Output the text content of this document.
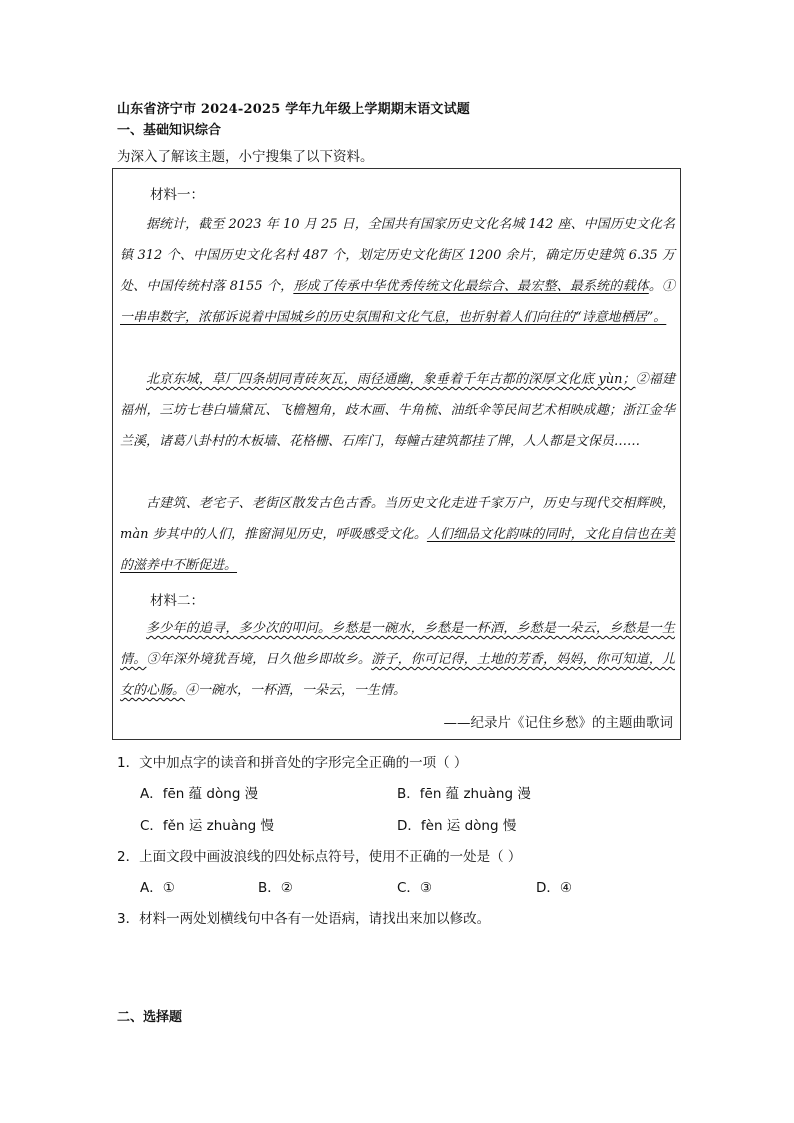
山东省济宁市 2024-2025 学年九年级上学期期末语文试题
一、基础知识综合
为深入了解该主题，小宁搜集了以下资料。
材料一：
据统计，截至 2023 年 10 月 25 日，全国共有国家历史文化名城 142 座、中国历史文化名镇 312 个、中国历史文化名村 487 个，划定历史文化街区 1200 余片，确定历史建筑 6.35 万处、中国传统村落 8155 个，形成了传承中华优秀传统文化最综合、最宏整、最系统的载体。①一串串数字，浓郁诉说着中国城乡的历史氛围和文化气息，也折射着人们向往的“诗意地栖居”。
北京东城，草厂四条胡同青砖灰瓦，雨径通幽，象垂着千年古都的深厚文化底 yùn；②福建福州，三坊七巷白墙黛瓦、飞檐翘角，歧木画、牛角梳、油纸伞等民间艺术相映成趣；浙江金华兰溪，诸葛八卦村的木板墙、花格栅、石库门，每幢古建筑都挂了牌，人人都是文保员……
古建筑、老宅子、老街区散发古色古香。当历史文化走进千家万户，历史与现代交相辉映，màn 步其中的人们，推窗洞见历史，呼吸感受文化。人们细品文化韵味的同时，文化自信也在美的滋养中不断促进。
材料二：
多少年的追寻，多少次的叩问。乡愁是一碗水，乡愁是一杯酒，乡愁是一朵云，乡愁是一生情。③年深外境犹吾境，日久他乡即故乡。游子，你可记得，土地的芳香，妈妈，你可知道，儿女的心肠。④一碗水，一杯酒，一朵云，一生情。
——纪录片《记住乡愁》的主题曲歌词
1．文中加点字的读音和拼音处的字形完全正确的一项（ ）
A．fēn 蕴 dòng 漫	B．fēn 蕴 zhuàng 漫
C．fěn 运 zhuàng 慢	D．fèn 运 dòng 慢
2．上面文段中画波浪线的四处标点符号，使用不正确的一处是（ ）
A．①	B．②	C．③	D．④
3．材料一两处划横线句中各有一处语病，请找出来加以修改。
二、选择题
